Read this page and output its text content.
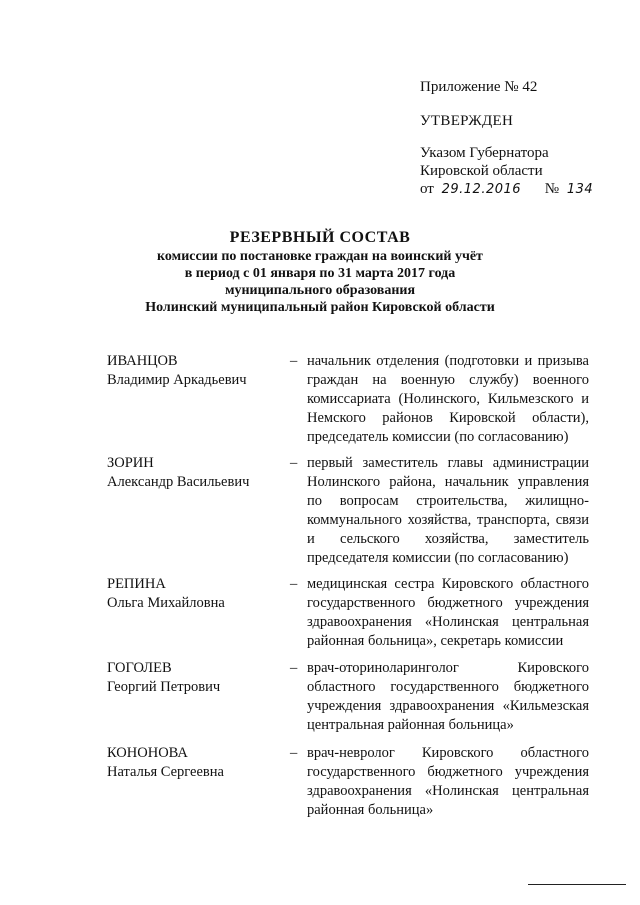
Приложение № 42
УТВЕРЖДЕН
Указом Губернатора
Кировской области
от 29.12.2016 № 134
РЕЗЕРВНЫЙ СОСТАВ
комиссии по постановке граждан на воинский учёт
в период с 01 января по 31 марта 2017 года
муниципального образования
Нолинский муниципальный район Кировской области
ИВАНЦОВ
Владимир Аркадьевич
– начальник отделения (подготовки и призыва граждан на военную службу) военного комиссариата (Нолинского, Кильмезского и Немского районов Кировской области), председатель комиссии (по согласованию)
ЗОРИН
Александр Васильевич
– первый заместитель главы администрации Нолинского района, начальник управления по вопросам строительства, жилищно-коммунального хозяйства, транспорта, связи и сельского хозяйства, заместитель председателя комиссии (по согласованию)
РЕПИНА
Ольга Михайловна
– медицинская сестра Кировского областного государственного бюджетного учреждения здравоохранения «Нолинская центральная районная больница», секретарь комиссии
ГОГОЛЕВ
Георгий Петрович
– врач-оториноларинголог Кировского областного государственного бюджетного учреждения здравоохранения «Кильмезская центральная районная больница»
КОНОНОВА
Наталья Сергеевна
– врач-невролог Кировского областного государственного бюджетного учреждения здравоохранения «Нолинская центральная районная больница»
